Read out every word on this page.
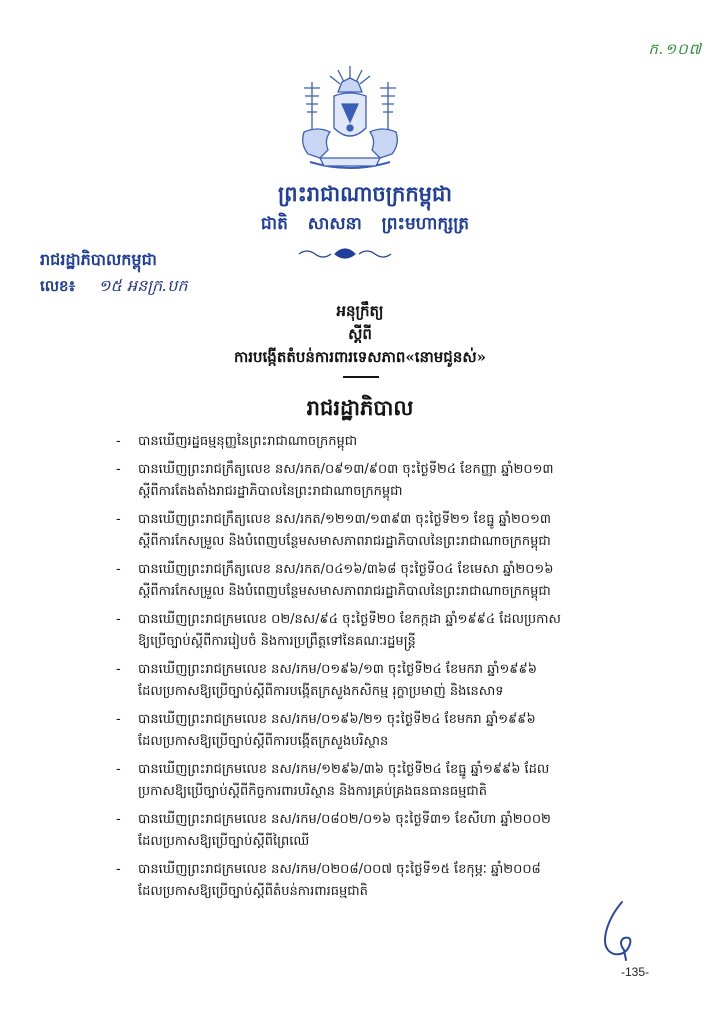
ក.១០៧
ព្រះរាជាណាចក្រកម្ពុជា
ជាតិ សាសនា ព្រះមហាក្សត្រ
រាជរដ្ឋាភិបាលកម្ពុជា
លេខ៖ ១៥ អនក្រ.បក
អនុក្រឹត្យ
ស្តីពី
ការបង្កើតតំបន់ការពារទេសភាព«នោមជូនស់»
រាជរដ្ឋាភិបាល
- បានឃើញរដ្ឋធម្មនុញ្ញនៃព្រះរាជាណាចក្រកម្ពុជា
- បានឃើញព្រះរាជក្រឹត្យលេខ នស/រកត/០៩១៣/៩០៣ ចុះថ្ងៃទី២៤ ខែកញ្ញា ឆ្នាំ២០១៣
ស្តីពីការតែងតាំងរាជរដ្ឋាភិបាលនៃព្រះរាជាណាចក្រកម្ពុជា
- បានឃើញព្រះរាជក្រឹត្យលេខ នស/រកត/១២១៣/១៣៩៣ ចុះថ្ងៃទី២១ ខែធ្នូ ឆ្នាំ២០១៣
ស្តីពីការកែសម្រួល និងបំពេញបន្ថែមសមាសភាពរាជរដ្ឋាភិបាលនៃព្រះរាជាណាចក្រកម្ពុជា
- បានឃើញព្រះរាជក្រឹត្យលេខ នស/រកត/០៤១៦/៣៦៨ ចុះថ្ងៃទី០៤ ខែមេសា ឆ្នាំ២០១៦
ស្តីពីការកែសម្រួល និងបំពេញបន្ថែមសមាសភាពរាជរដ្ឋាភិបាលនៃព្រះរាជាណាចក្រកម្ពុជា
- បានឃើញព្រះរាជក្រមលេខ ០២/នស/៩៤ ចុះថ្ងៃទី២០ ខែកក្កដា ឆ្នាំ១៩៩៤ ដែលប្រកាស
ឱ្យប្រើច្បាប់ស្តីពីការរៀបចំ និងការប្រព្រឹត្តទៅនៃគណៈរដ្ឋមន្ត្រី
- បានឃើញព្រះរាជក្រមលេខ នស/រកម/០១៩៦/១៣ ចុះថ្ងៃទី២៤ ខែមករា ឆ្នាំ១៩៩៦
ដែលប្រកាសឱ្យប្រើច្បាប់ស្តីពីការបង្កើតក្រសួងកសិកម្ម រុក្ខាប្រមាញ់ និងនេសាទ
- បានឃើញព្រះរាជក្រមលេខ នស/រកម/០១៩៦/២១ ចុះថ្ងៃទី២៤ ខែមករា ឆ្នាំ១៩៩៦
ដែលប្រកាសឱ្យប្រើច្បាប់ស្តីពីការបង្កើតក្រសួងបរិស្ថាន
- បានឃើញព្រះរាជក្រមលេខ នស/រកម/១២៩៦/៣៦ ចុះថ្ងៃទី២៤ ខែធ្នូ ឆ្នាំ១៩៩៦ ដែល
ប្រកាសឱ្យប្រើច្បាប់ស្តីពីកិច្ចការពារបរិស្ថាន និងការគ្រប់គ្រងធនធានធម្មជាតិ
- បានឃើញព្រះរាជក្រមលេខ នស/រកម/០៨០២/០១៦ ចុះថ្ងៃទី៣១ ខែសីហា ឆ្នាំ២០០២
ដែលប្រកាសឱ្យប្រើច្បាប់ស្តីពីព្រៃឈើ
- បានឃើញព្រះរាជក្រមលេខ នស/រកម/០២០៨/០០៧ ចុះថ្ងៃទី១៥ ខែកុម្ភៈ ឆ្នាំ២០០៨
ដែលប្រកាសឱ្យប្រើច្បាប់ស្តីពីតំបន់ការពារធម្មជាតិ
-135-
